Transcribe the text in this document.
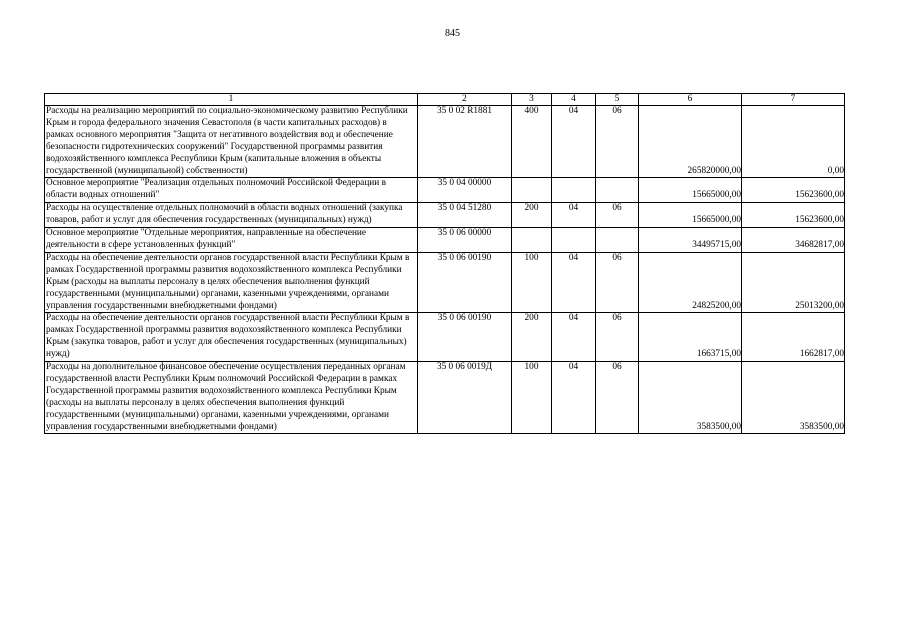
845
1	2	3	4	5	6	7
Расходы на реализацию мероприятий по социально-экономическому развитию Республики Крым и города федерального значения Севастополя (в части капитальных расходов) в рамках основного мероприятия "Защита от негативного воздействия вод и обеспечение безопасности гидротехнических сооружений" Государственной программы развития водохозяйственного комплекса Республики Крым (капитальные вложения в объекты государственной (муниципальной) собственности)	35 0 02 R1881	400	04	06	265820000,00	0,00
Основное мероприятие "Реализация отдельных полномочий Российской Федерации в области водных отношений"	35 0 04 00000				15665000,00	15623600,00
Расходы на осуществление отдельных полномочий в области водных отношений (закупка товаров, работ и услуг для обеспечения государственных (муниципальных) нужд)	35 0 04 51280	200	04	06	15665000,00	15623600,00
Основное мероприятие "Отдельные мероприятия, направленные на обеспечение деятельности в сфере установленных функций"	35 0 06 00000				34495715,00	34682817,00
Расходы на обеспечение деятельности органов государственной власти Республики Крым в рамках Государственной программы развития водохозяйственного комплекса Республики Крым (расходы на выплаты персоналу в целях обеспечения выполнения функций государственными (муниципальными) органами, казенными учреждениями, органами управления государственными внебюджетными фондами)	35 0 06 00190	100	04	06	24825200,00	25013200,00
Расходы на обеспечение деятельности органов государственной власти Республики Крым в рамках Государственной программы развития водохозяйственного комплекса Республики Крым (закупка товаров, работ и услуг для обеспечения государственных (муниципальных) нужд)	35 0 06 00190	200	04	06	1663715,00	1662817,00
Расходы на дополнительное финансовое обеспечение осуществления переданных органам государственной власти Республики Крым полномочий Российской Федерации в рамках Государственной программы развития водохозяйственного комплекса Республики Крым (расходы на выплаты персоналу в целях обеспечения выполнения функций государственными (муниципальными) органами, казенными учреждениями, органами управления государственными внебюджетными фондами)	35 0 06 0019Д	100	04	06	3583500,00	3583500,00
